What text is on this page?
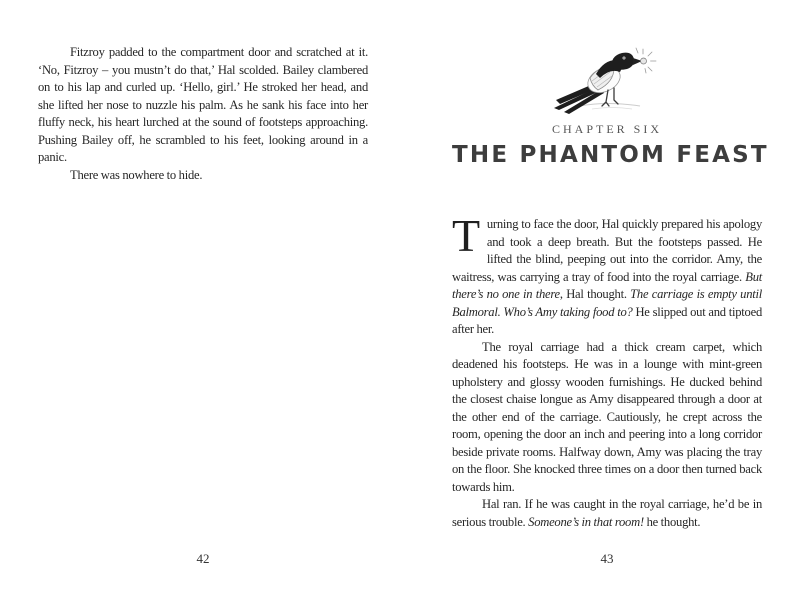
Fitzroy padded to the compartment door and scratched at it. ‘No, Fitzroy – you mustn’t do that,’ Hal scolded. Bailey clambered on to his lap and curled up. ‘Hello, girl.’ He stroked her head, and she lifted her nose to nuzzle his palm. As he sank his face into her fluffy neck, his heart lurched at the sound of footsteps approaching. Pushing Bailey off, he scrambled to his feet, looking around in a panic.

There was nowhere to hide.

42
CHAPTER SIX
THE PHANTOM FEAST

Turning to face the door, Hal quickly prepared his apology and took a deep breath. But the footsteps passed. He lifted the blind, peeping out into the corridor. Amy, the waitress, was carrying a tray of food into the royal carriage. But there’s no one in there, Hal thought. The carriage is empty until Balmoral. Who’s Amy taking food to? He slipped out and tiptoed after her.

The royal carriage had a thick cream carpet, which deadened his footsteps. He was in a lounge with mint-green upholstery and glossy wooden furnishings. He ducked behind the closest chaise longue as Amy disappeared through a door at the other end of the carriage. Cautiously, he crept across the room, opening the door an inch and peering into a long corridor beside private rooms. Halfway down, Amy was placing the tray on the floor. She knocked three times on a door then turned back towards him.

Hal ran. If he was caught in the royal carriage, he’d be in serious trouble. Someone’s in that room! he thought.

43
